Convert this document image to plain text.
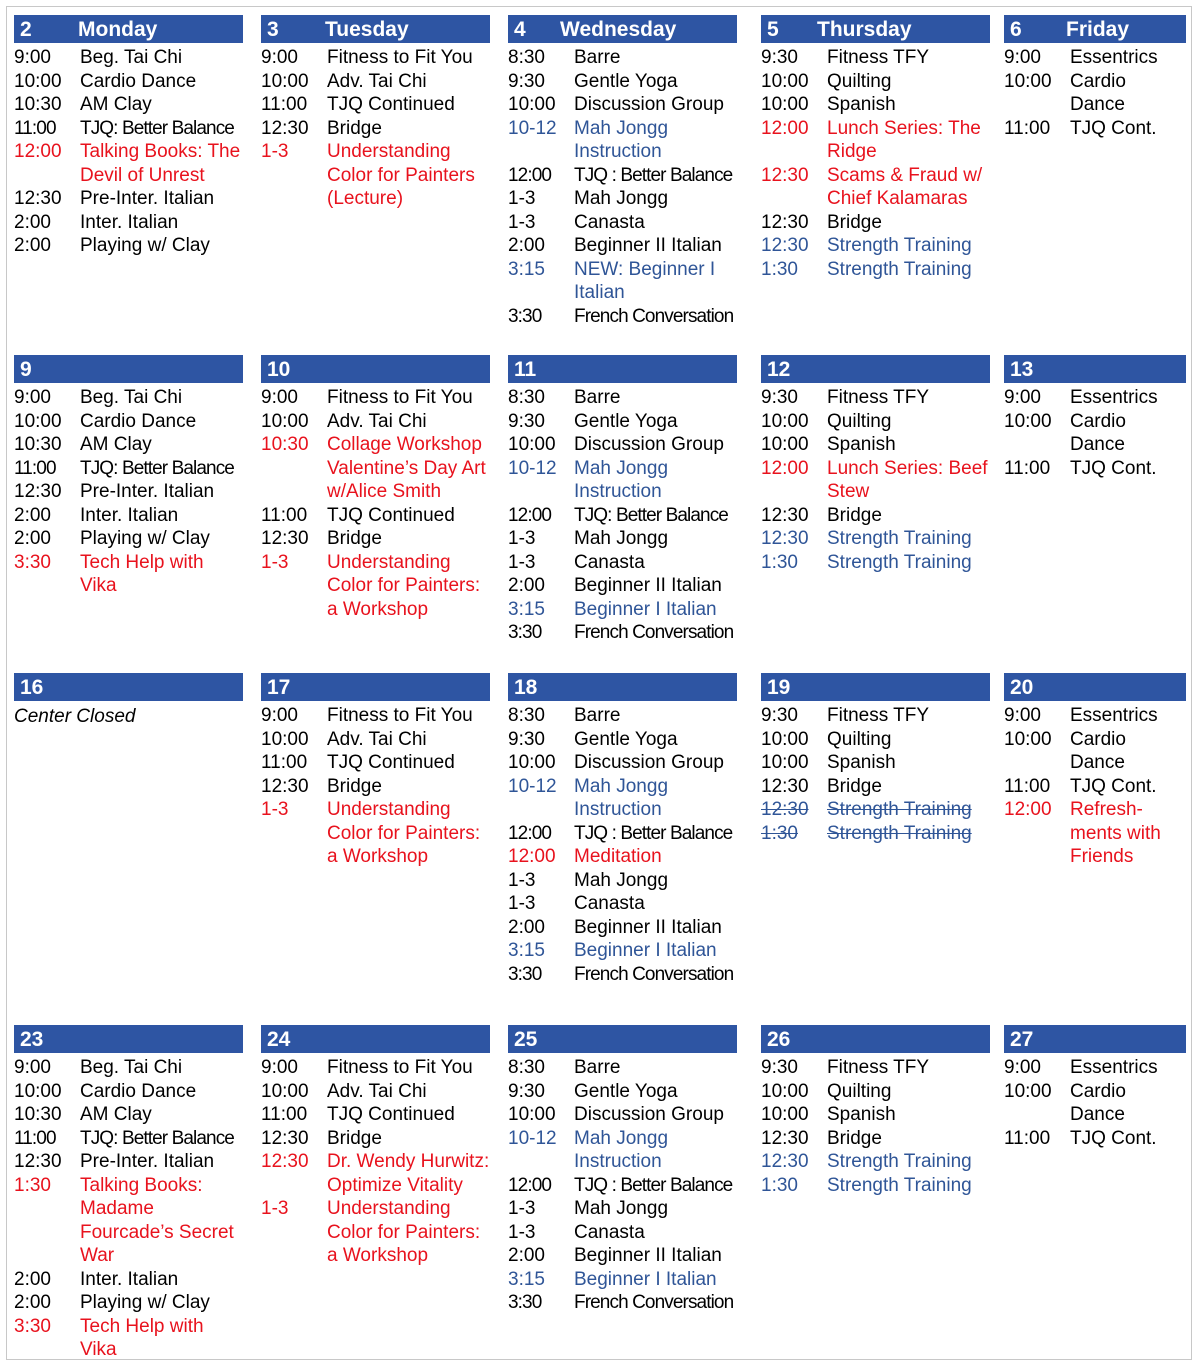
2 Monday
9:00	Beg. Tai Chi
10:00 Cardio Dance
10:30 AM Clay
11:00	TJQ: Better Balance
12:00 Talking Books: The Devil of Unrest
12:30 Pre-Inter. Italian
2:00	Inter. Italian
2:00	Playing w/ Clay
3 Tuesday
9:00	Fitness to Fit You
10:00 Adv. Tai Chi
11:00	TJQ Continued
12:30 Bridge
1-3	Understanding Color for Painters (Lecture)
4 Wednesday
8:30	Barre
9:30	Gentle Yoga
10:00 Discussion Group
10-12 Mah Jongg Instruction
12:00	TJQ : Better Balance
1-3	Mah Jongg
1-3	Canasta
2:00	Beginner II Italian
3:15	NEW: Beginner I Italian
3:30	French Conversation
5 Thursday
9:30	Fitness TFY
10:00 Quilting
10:00 Spanish
12:00 Lunch Series: The Ridge
12:30 Scams & Fraud w/ Chief Kalamaras
12:30 Bridge
12:30 Strength Training
1:30	Strength Training
6 Friday
9:00	Essentrics
10:00 Cardio Dance
11:00	TJQ Cont.
9
9:00	Beg. Tai Chi
10:00 Cardio Dance
10:30 AM Clay
11:00	TJQ: Better Balance
12:30 Pre-Inter. Italian
2:00	Inter. Italian
2:00	Playing w/ Clay
3:30	Tech Help with Vika
10
9:00	Fitness to Fit You
10:00 Adv. Tai Chi
10:30 Collage Workshop Valentine’s Day Art w/Alice Smith
11:00	TJQ Continued
12:30 Bridge
1-3	Understanding Color for Painters: a Workshop
11
8:30	Barre
9:30	Gentle Yoga
10:00 Discussion Group
10-12 Mah Jongg Instruction
12:00	TJQ: Better Balance
1-3	Mah Jongg
1-3	Canasta
2:00	Beginner II Italian
3:15	Beginner I Italian
3:30	French Conversation
12
9:30	Fitness TFY
10:00 Quilting
10:00 Spanish
12:00 Lunch Series: Beef Stew
12:30 Bridge
12:30 Strength Training
1:30	Strength Training
13
9:00	Essentrics
10:00 Cardio Dance
11:00	TJQ Cont.
16
Center Closed
17
9:00	Fitness to Fit You
10:00 Adv. Tai Chi
11:00	TJQ Continued
12:30 Bridge
1-3	Understanding Color for Painters: a Workshop
18
8:30	Barre
9:30	Gentle Yoga
10:00 Discussion Group
10-12 Mah Jongg Instruction
12:00	TJQ : Better Balance
12:00 Meditation
1-3	Mah Jongg
1-3	Canasta
2:00	Beginner II Italian
3:15	Beginner I Italian
3:30	French Conversation
19
9:30	Fitness TFY
10:00 Quilting
10:00 Spanish
12:30 Bridge
12:30 Strength Training
1:30	Strength Training
20
9:00	Essentrics
10:00 Cardio Dance
11:00	TJQ Cont.
12:00 Refresh- ments with Friends
23
9:00	Beg. Tai Chi
10:00 Cardio Dance
10:30 AM Clay
11:00	TJQ: Better Balance
12:30 Pre-Inter. Italian
1:30	Talking Books: Madame Fourcade’s Secret War
2:00	Inter. Italian
2:00	Playing w/ Clay
3:30	Tech Help with Vika
24
9:00	Fitness to Fit You
10:00 Adv. Tai Chi
11:00	TJQ Continued
12:30 Bridge
12:30 Dr. Wendy Hurwitz: Optimize Vitality
1-3	Understanding Color for Painters: a Workshop
25
8:30	Barre
9:30	Gentle Yoga
10:00 Discussion Group
10-12 Mah Jongg Instruction
12:00	TJQ : Better Balance
1-3	Mah Jongg
1-3	Canasta
2:00	Beginner II Italian
3:15	Beginner I Italian
3:30	French Conversation
26
9:30	Fitness TFY
10:00 Quilting
10:00 Spanish
12:30 Bridge
12:30 Strength Training
1:30	Strength Training
27
9:00	Essentrics
10:00 Cardio Dance
11:00	TJQ Cont.
